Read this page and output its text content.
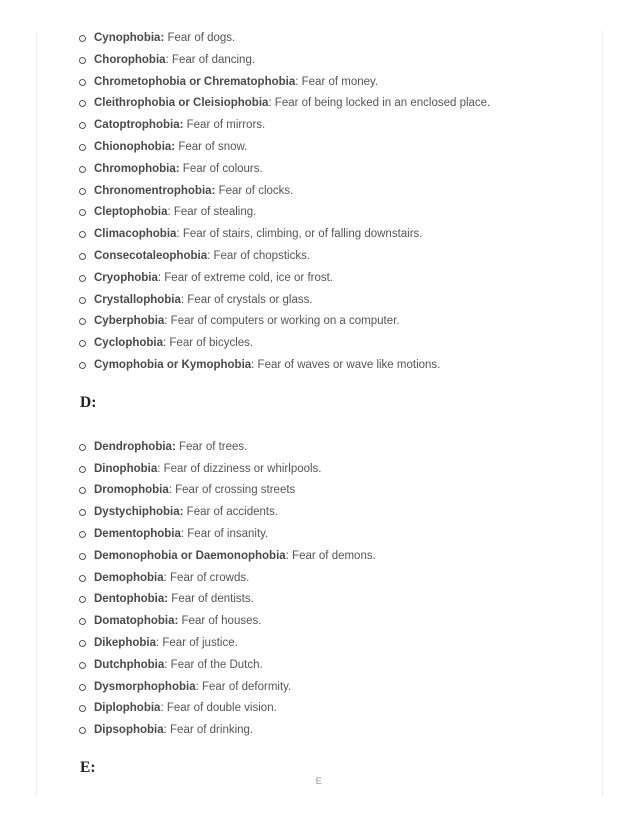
Cynophobia: Fear of dogs.
Chorophobia: Fear of dancing.
Chrometophobia or Chrematophobia: Fear of money.
Cleithrophobia or Cleisiophobia: Fear of being locked in an enclosed place.
Catoptrophobia: Fear of mirrors.
Chionophobia: Fear of snow.
Chromophobia: Fear of colours.
Chronomentrophobia: Fear of clocks.
Cleptophobia: Fear of stealing.
Climacophobia: Fear of stairs, climbing, or of falling downstairs.
Consecotaleophobia: Fear of chopsticks.
Cryophobia: Fear of extreme cold, ice or frost.
Crystallophobia: Fear of crystals or glass.
Cyberphobia: Fear of computers or working on a computer.
Cyclophobia: Fear of bicycles.
Cymophobia or Kymophobia: Fear of waves or wave like motions.
D:
Dendrophobia: Fear of trees.
Dinophobia: Fear of dizziness or whirlpools.
Dromophobia: Fear of crossing streets
Dystychiphobia: Fear of accidents.
Dementophobia: Fear of insanity.
Demonophobia or Daemonophobia: Fear of demons.
Demophobia: Fear of crowds.
Dentophobia: Fear of dentists.
Domatophobia: Fear of houses.
Dikephobia: Fear of justice.
Dutchphobia: Fear of the Dutch.
Dysmorphophobia: Fear of deformity.
Diplophobia: Fear of double vision.
Dipsophobia: Fear of drinking.
E:
E
